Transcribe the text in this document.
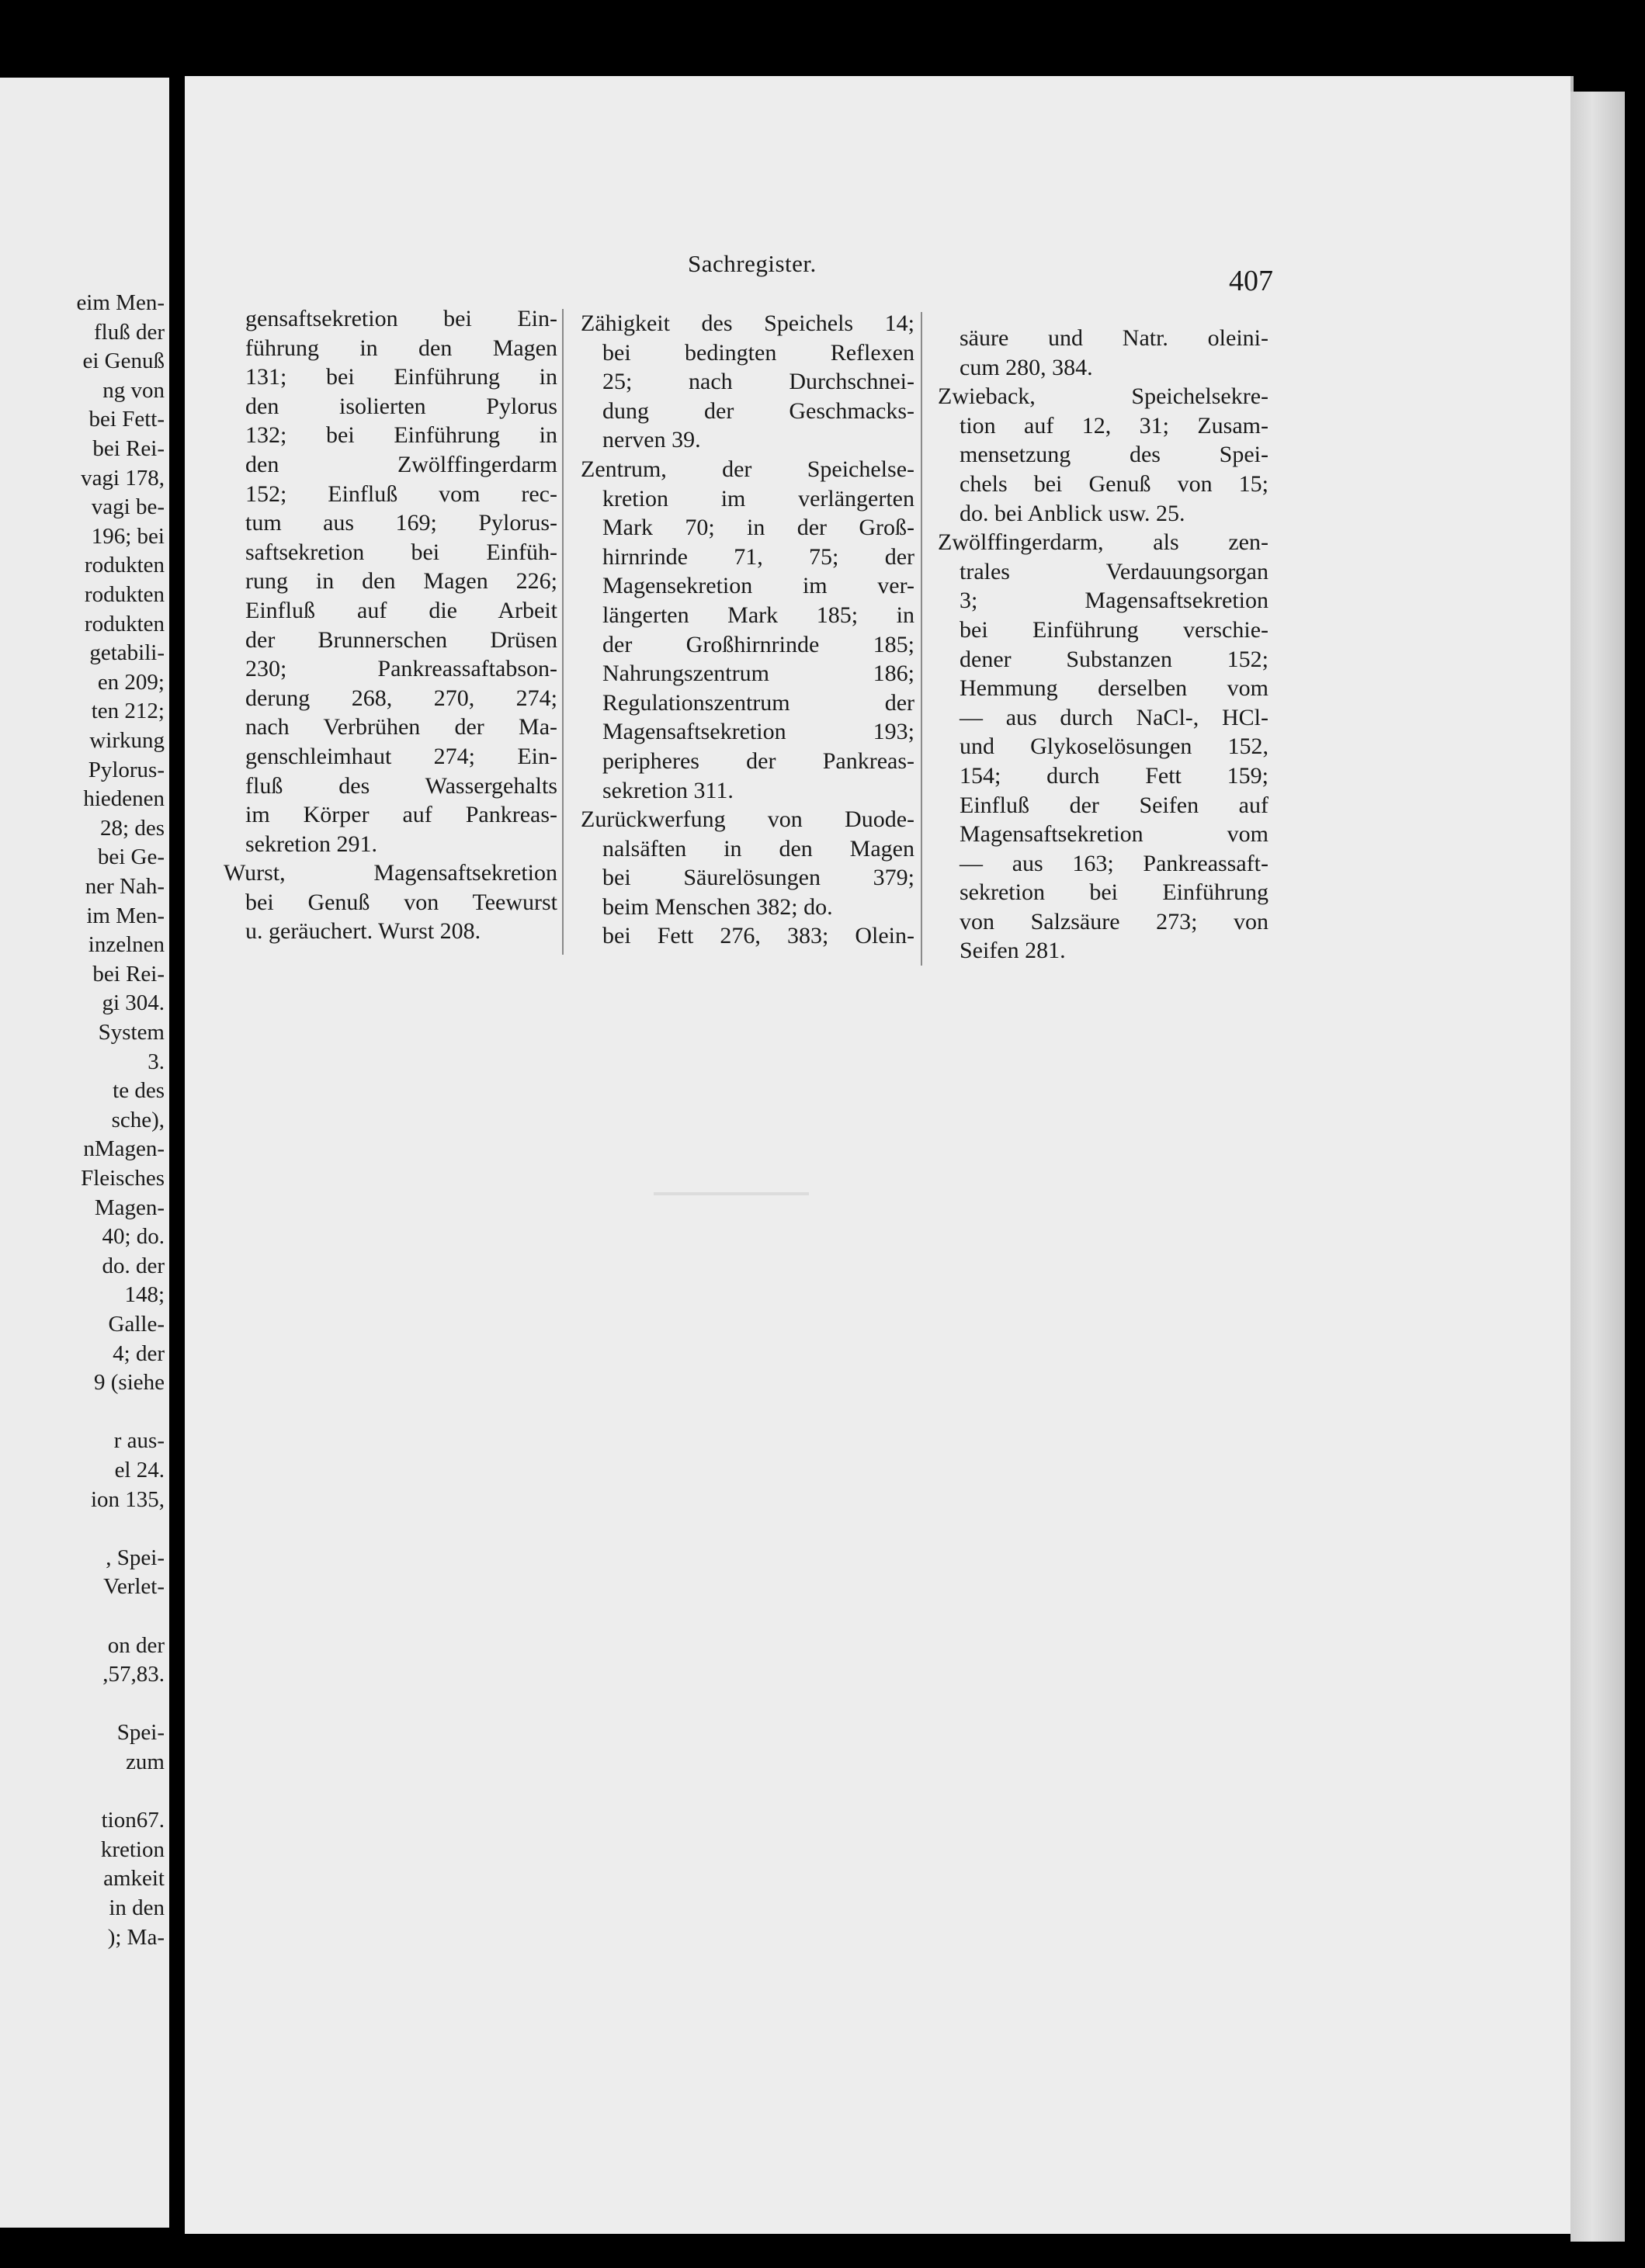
eim Men-
fluß der
ei Genuß
ng von
bei Fett-
bei Rei-
vagi 178,
vagi be-
196; bei
rodukten
rodukten
rodukten
getabili-
en 209;
ten 212;
wirkung
Pylorus-
hiedenen
28; des
bei Ge-
ner Nah-
im Men-
inzelnen
bei Rei-
gi 304.
System
3.
te des
sche),
nMagen-
Fleisches
Magen-
40; do.
do. der
148;
Galle-
4; der
9 (siehe
r aus-
el 24.
ion 135,
, Spei-
Verlet-
on der
,57,83.
Spei-
zum
tion67.
kretion
amkeit
in den
); Ma-
Sachregister.
407
gensaftsekretion bei Ein-
führung in den Magen
131; bei Einführung in
den isolierten Pylorus
132; bei Einführung in
den Zwölffingerdarm
152; Einfluß vom rec-
tum aus 169; Pylorus-
saftsekretion bei Einfüh-
rung in den Magen 226;
Einfluß auf die Arbeit
der Brunnerschen Drüsen
230; Pankreassaftabson-
derung 268, 270, 274;
nach Verbrühen der Ma-
genschleimhaut 274; Ein-
fluß des Wassergehalts
im Körper auf Pankreas-
sekretion 291.
Wurst, Magensaftsekretion
bei Genuß von Teewurst
u. geräuchert. Wurst 208.
Zähigkeit des Speichels 14;
bei bedingten Reflexen
25; nach Durchschnei-
dung der Geschmacks-
nerven 39.
Zentrum, der Speichelse-
kretion im verlängerten
Mark 70; in der Groß-
hirnrinde 71, 75; der
Magensekretion im ver-
längerten Mark 185; in
der Großhirnrinde 185;
Nahrungszentrum 186;
Regulationszentrum der
Magensaftsekretion 193;
peripheres der Pankreas-
sekretion 311.
Zurückwerfung von Duode-
nalsäften in den Magen
bei Säurelösungen 379;
beim Menschen 382; do.
bei Fett 276, 383; Olein-
säure und Natr. oleini-
cum 280, 384.
Zwieback, Speichelsekre-
tion auf 12, 31; Zusam-
mensetzung des Spei-
chels bei Genuß von 15;
do. bei Anblick usw. 25.
Zwölffingerdarm, als zen-
trales Verdauungsorgan
3; Magensaftsekretion
bei Einführung verschie-
dener Substanzen 152;
Hemmung derselben vom
— aus durch NaCl-, HCl-
und Glykoselösungen 152,
154; durch Fett 159;
Einfluß der Seifen auf
Magensaftsekretion vom
— aus 163; Pankreassaft-
sekretion bei Einführung
von Salzsäure 273; von
Seifen 281.
